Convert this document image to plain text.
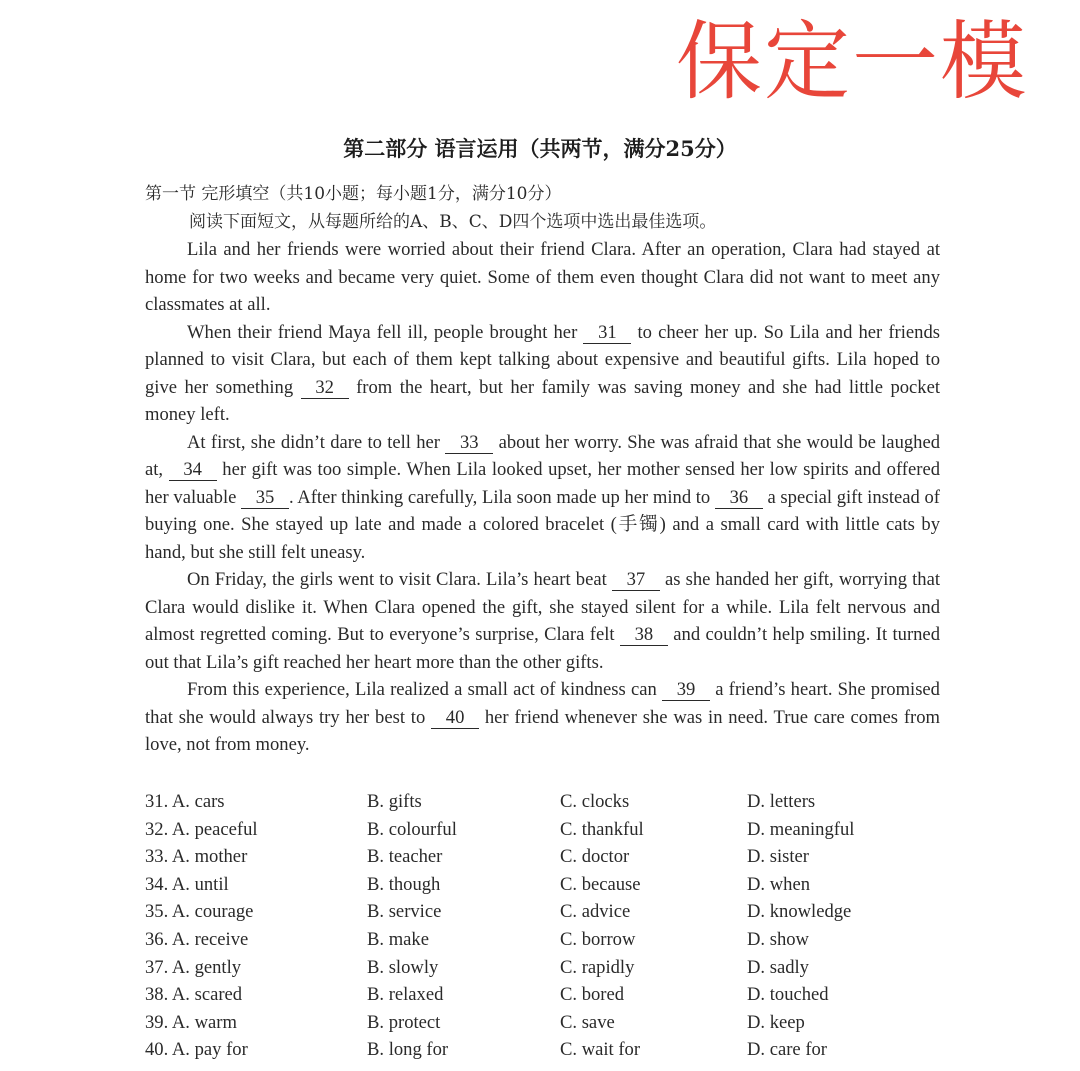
保定一模
第二部分 语言运用（共两节，满分25分）
第一节 完形填空（共10小题；每小题1分，满分10分）
阅读下面短文，从每题所给的A、B、C、D四个选项中选出最佳选项。

Lila and her friends were worried about their friend Clara. After an operation, Clara had stayed at home for two weeks and became very quiet. Some of them even thought Clara did not want to meet any classmates at all.

When their friend Maya fell ill, people brought her 31 to cheer her up. So Lila and her friends planned to visit Clara, but each of them kept talking about expensive and beautiful gifts. Lila hoped to give her something 32 from the heart, but her family was saving money and she had little pocket money left.

At first, she didn’t dare to tell her 33 about her worry. She was afraid that she would be laughed at, 34 her gift was too simple. When Lila looked upset, her mother sensed her low spirits and offered her valuable 35 . After thinking carefully, Lila soon made up her mind to 36 a special gift instead of buying one. She stayed up late and made a colored bracelet (手镯) and a small card with little cats by hand, but she still felt uneasy.

On Friday, the girls went to visit Clara. Lila’s heart beat 37 as she handed her gift, worrying that Clara would dislike it. When Clara opened the gift, she stayed silent for a while. Lila felt nervous and almost regretted coming. But to everyone’s surprise, Clara felt 38 and couldn’t help smiling. It turned out that Lila’s gift reached her heart more than the other gifts.

From this experience, Lila realized a small act of kindness can 39 a friend’s heart. She promised that she would always try her best to 40 her friend whenever she was in need. True care comes from love, not from money.

31. A. cars	B. gifts	C. clocks	D. letters
32. A. peaceful	B. colourful	C. thankful	D. meaningful
33. A. mother	B. teacher	C. doctor	D. sister
34. A. until	B. though	C. because	D. when
35. A. courage	B. service	C. advice	D. knowledge
36. A. receive	B. make	C. borrow	D. show
37. A. gently	B. slowly	C. rapidly	D. sadly
38. A. scared	B. relaxed	C. bored	D. touched
39. A. warm	B. protect	C. save	D. keep
40. A. pay for	B. long for	C. wait for	D. care for
